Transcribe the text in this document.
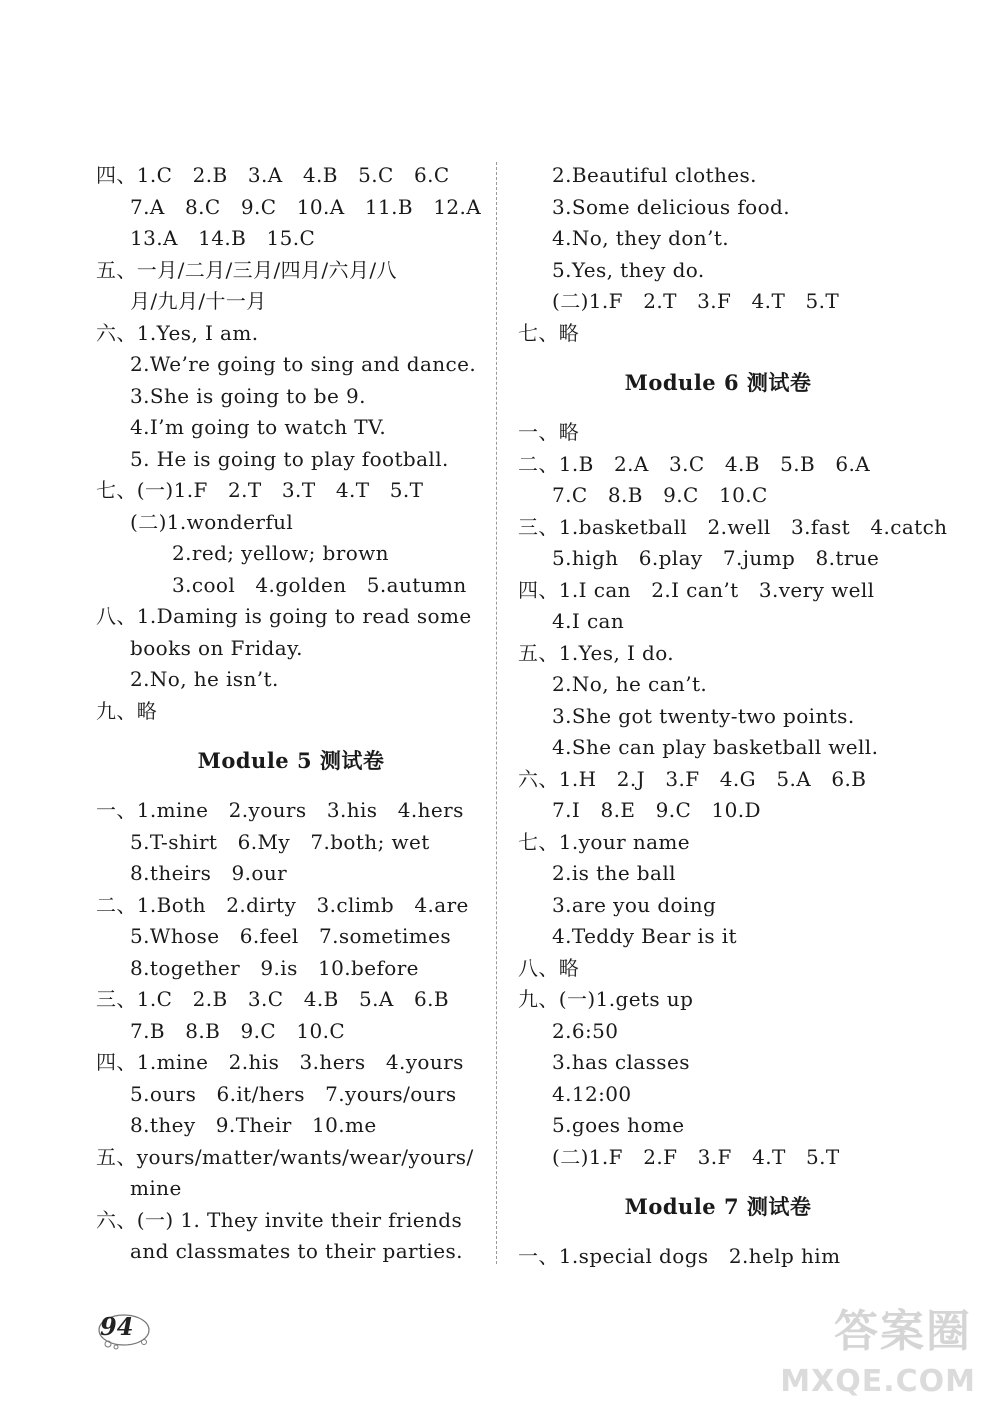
四、1.C   2.B   3.A   4.B   5.C   6.C
7.A   8.C   9.C   10.A   11.B   12.A
13.A   14.B   15.C
五、一月/二月/三月/四月/六月/八
月/九月/十一月
六、1.Yes, I am.
2.We’re going to sing and dance.
3.She is going to be 9.
4.I’m going to watch TV.
5. He is going to play football.
七、(一)1.F   2.T   3.T   4.T   5.T
(二)1.wonderful
2.red; yellow; brown
3.cool   4.golden   5.autumn
八、1.Daming is going to read some
books on Friday.
2.No, he isn’t.
九、略
Module 5 测试卷
一、1.mine   2.yours   3.his   4.hers
5.T-shirt   6.My   7.both; wet
8.theirs   9.our
二、1.Both   2.dirty   3.climb   4.are
5.Whose   6.feel   7.sometimes
8.together   9.is   10.before
三、1.C   2.B   3.C   4.B   5.A   6.B
7.B   8.B   9.C   10.C
四、1.mine   2.his   3.hers   4.yours
5.ours   6.it/hers   7.yours/ours
8.they   9.Their   10.me
五、yours/matter/wants/wear/yours/
mine
六、(一) 1. They invite their friends
and classmates to their parties.
2.Beautiful clothes.
3.Some delicious food.
4.No, they don’t.
5.Yes, they do.
(二)1.F   2.T   3.F   4.T   5.T
七、略
Module 6 测试卷
一、略
二、1.B   2.A   3.C   4.B   5.B   6.A
7.C   8.B   9.C   10.C
三、1.basketball   2.well   3.fast   4.catch
5.high   6.play   7.jump   8.true
四、1.I can   2.I can’t   3.very well
4.I can
五、1.Yes, I do.
2.No, he can’t.
3.She got twenty-two points.
4.She can play basketball well.
六、1.H   2.J   3.F   4.G   5.A   6.B
7.I   8.E   9.C   10.D
七、1.your name
2.is the ball
3.are you doing
4.Teddy Bear is it
八、略
九、(一)1.gets up
2.6:50
3.has classes
4.12:00
5.goes home
(二)1.F   2.F   3.F   4.T   5.T
Module 7 测试卷
一、1.special dogs   2.help him
94	答案圈
MXQE.COM
